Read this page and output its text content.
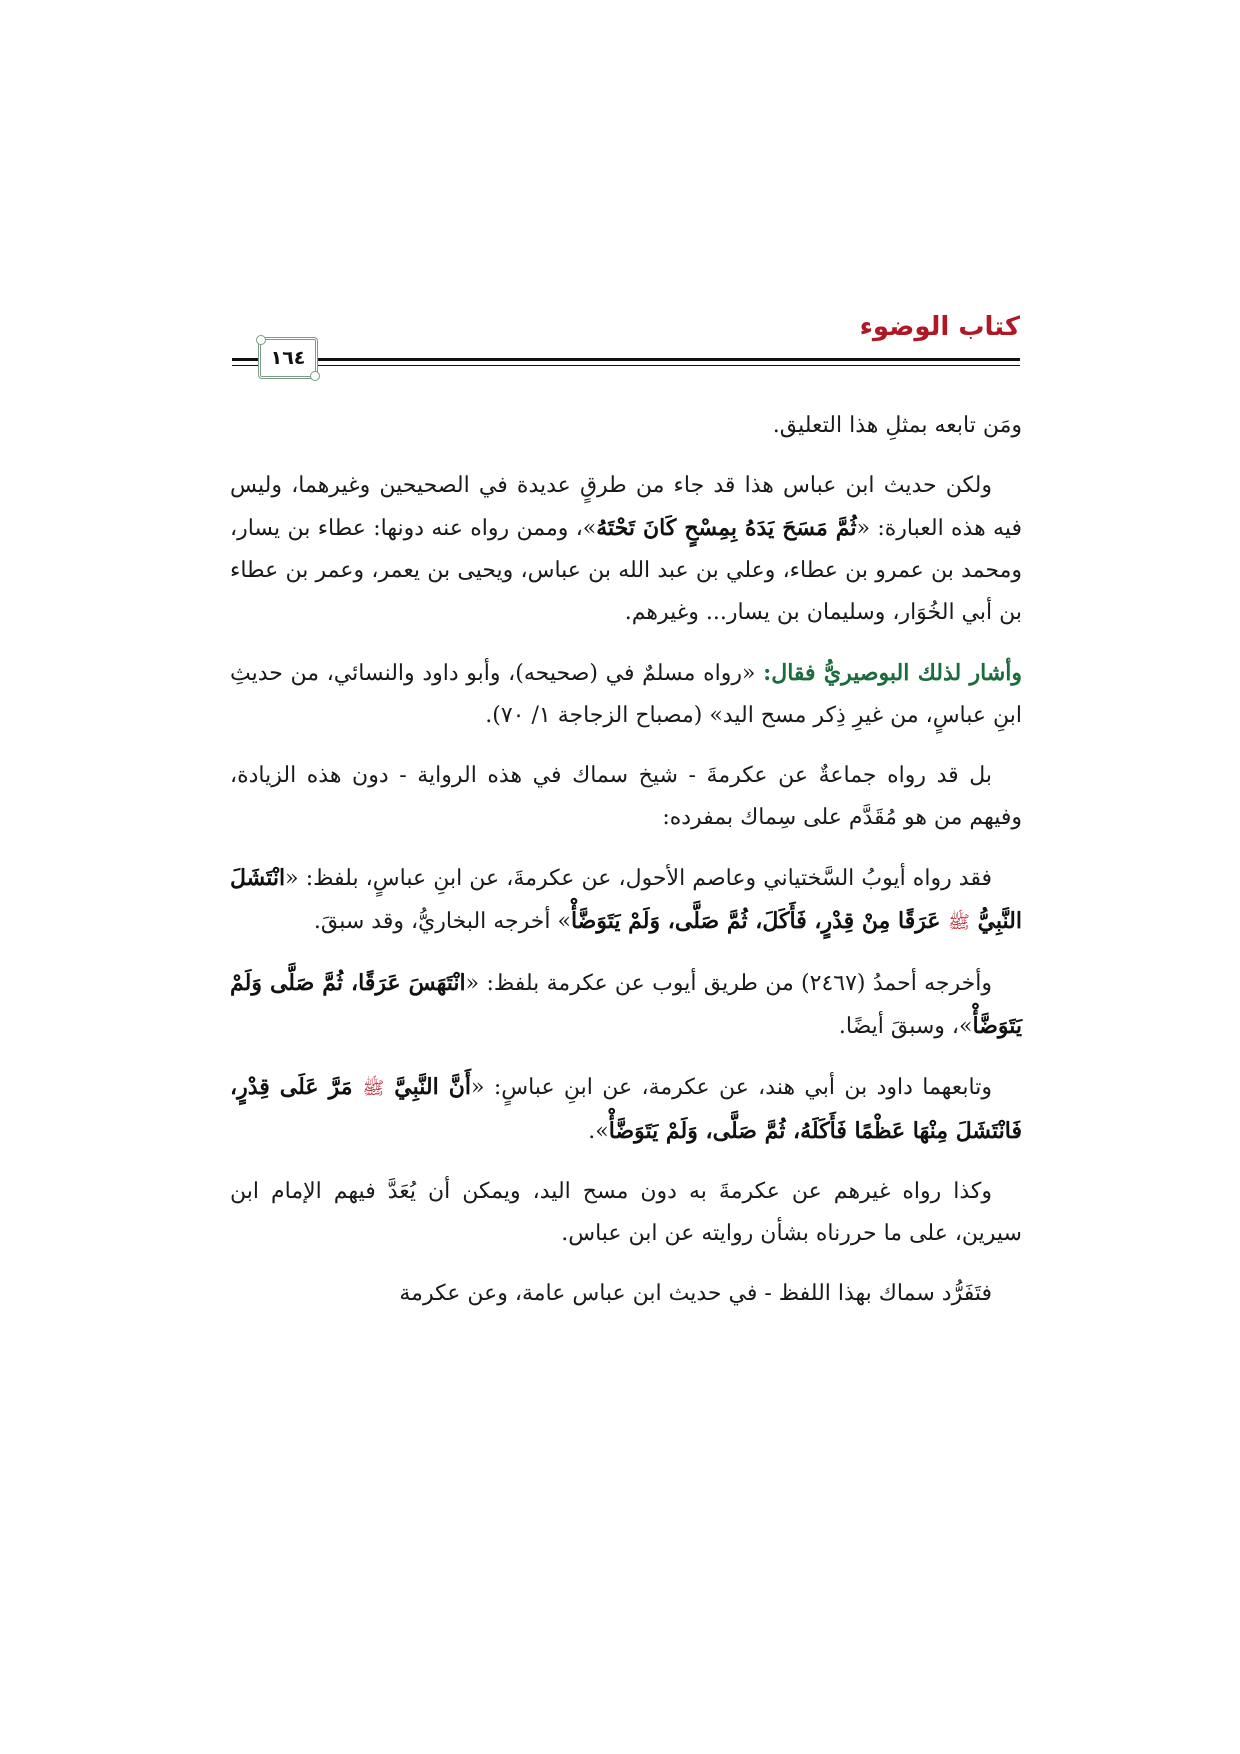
كتاب الوضوء
١٦٤

ومَن تابعه بمثلِ هذا التعليق.

ولكن حديث ابن عباس هذا قد جاء من طرقٍ عديدة في الصحيحين وغيرهما، وليس فيه هذه العبارة: «ثُمَّ مَسَحَ يَدَهُ بِمِسْحٍ كَانَ تَحْتَهُ»، وممن رواه عنه دونها: عطاء بن يسار، ومحمد بن عمرو بن عطاء، وعلي بن عبد الله بن عباس، ويحيى بن يعمر، وعمر بن عطاء بن أبي الخُوَار، وسليمان بن يسار... وغيرهم.

وأشار لذلك البوصيريُّ فقال: «رواه مسلمٌ في (صحيحه)، وأبو داود والنسائي، من حديثِ ابنِ عباسٍ، من غيرِ ذِكر مسح اليد» (مصباح الزجاجة ١/ ٧٠).

بل قد رواه جماعةٌ عن عكرمةَ - شيخ سماك في هذه الرواية - دون هذه الزيادة، وفيهم من هو مُقَدَّم على سِماك بمفرده:

فقد رواه أيوبُ السَّختياني وعاصم الأحول، عن عكرمةَ، عن ابنِ عباسٍ، بلفظ: «انْتَشَلَ النَّبِيُّ ﷺ عَرَقًا مِنْ قِدْرٍ، فَأَكَلَ، ثُمَّ صَلَّى، وَلَمْ يَتَوَضَّأْ» أخرجه البخاريُّ، وقد سبقَ.

وأخرجه أحمدُ (٢٤٦٧) من طريق أيوب عن عكرمة بلفظ: «انْتَهَسَ عَرَقًا، ثُمَّ صَلَّى وَلَمْ يَتَوَضَّأْ»، وسبقَ أيضًا.

وتابعهما داود بن أبي هند، عن عكرمة، عن ابنِ عباسٍ: «أَنَّ النَّبِيَّ ﷺ مَرَّ عَلَى قِدْرٍ، فَانْتَشَلَ مِنْهَا عَظْمًا فَأَكَلَهُ، ثُمَّ صَلَّى، وَلَمْ يَتَوَضَّأْ».

وكذا رواه غيرهم عن عكرمةَ به دون مسح اليد، ويمكن أن يُعَدَّ فيهم الإمام ابن سيرين، على ما حررناه بشأن روايته عن ابن عباس.

فتَفَرُّد سماك بهذا اللفظ - في حديث ابن عباس عامة، وعن عكرمة
